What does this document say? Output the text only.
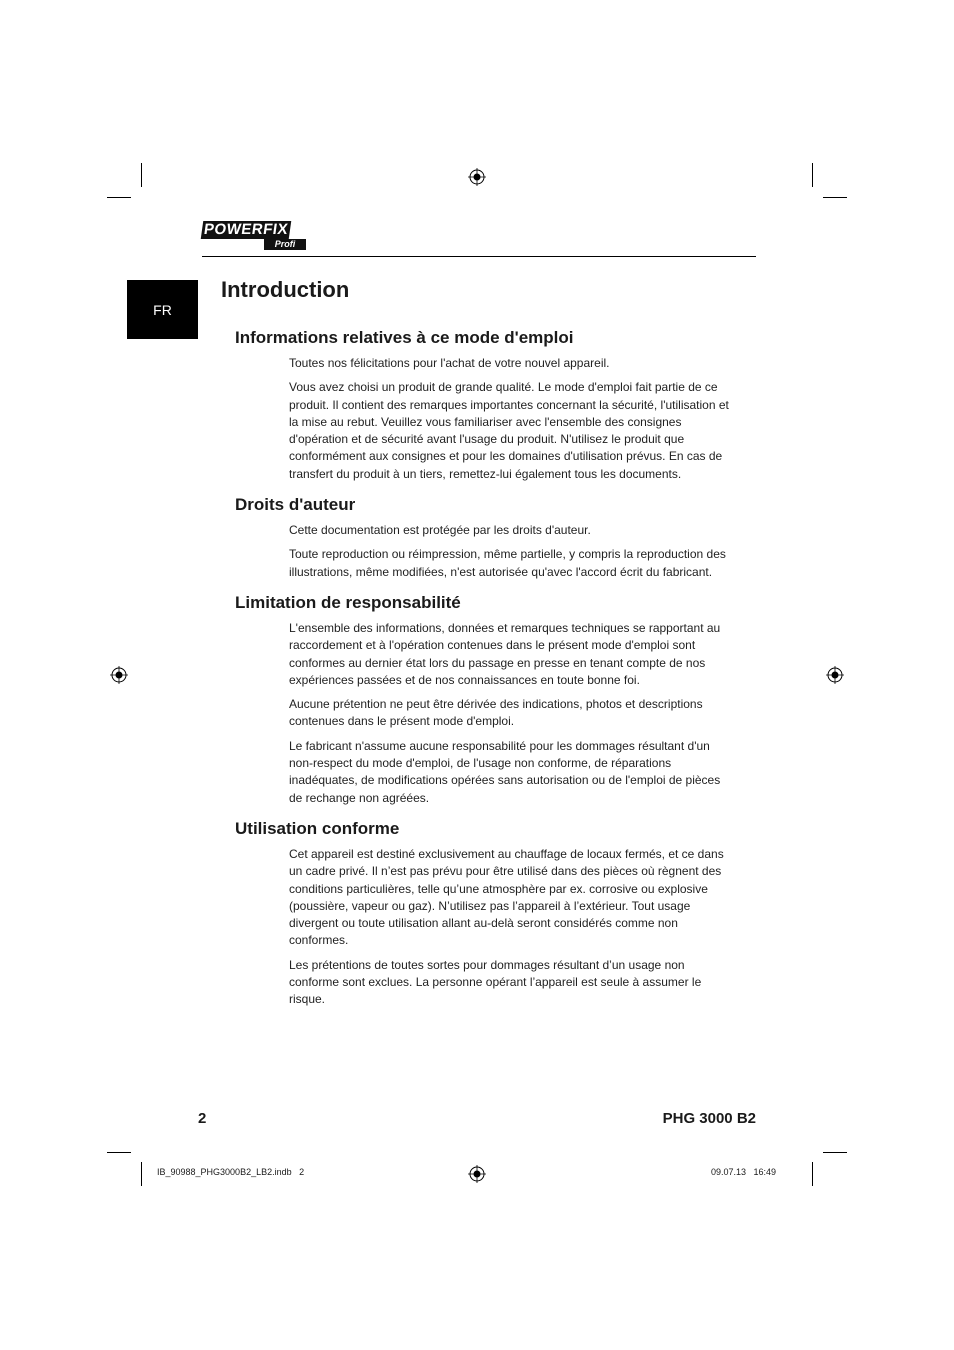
POWERFIX
Profi
FR
Introduction
Informations relatives à ce mode d'emploi

Toutes nos félicitations pour l'achat de votre nouvel appareil.

Vous avez choisi un produit de grande qualité. Le mode d'emploi fait partie de ce produit. Il contient des remarques importantes concernant la sécurité, l'utilisation et la mise au rebut. Veuillez vous familiariser avec l'ensemble des consignes d'opération et de sécurité avant l'usage du produit. N'utilisez le produit que conformément aux consignes et pour les domaines d'utilisation prévus. En cas de transfert du produit à un tiers, remettez-lui également tous les documents.

Droits d'auteur

Cette documentation est protégée par les droits d'auteur.

Toute reproduction ou réimpression, même partielle, y compris la reproduction des illustrations, même modifiées, n'est autorisée qu'avec l'accord écrit du fabricant.

Limitation de responsabilité

L'ensemble des informations, données et remarques techniques se rapportant au raccordement et à l'opération contenues dans le présent mode d'emploi sont conformes au dernier état lors du passage en presse en tenant compte de nos expériences passées et de nos connaissances en toute bonne foi.

Aucune prétention ne peut être dérivée des indications, photos et descriptions contenues dans le présent mode d'emploi.

Le fabricant n'assume aucune responsabilité pour les dommages résultant d'un non-respect du mode d'emploi, de l'usage non conforme, de réparations inadéquates, de modifications opérées sans autorisation ou de l'emploi de pièces de rechange non agréées.

Utilisation conforme

Cet appareil est destiné exclusivement au chauffage de locaux fermés, et ce dans un cadre privé. Il n’est pas prévu pour être utilisé dans des pièces où règnent des conditions particulières, telle qu’une atmosphère par ex. corrosive ou explosive (poussière, vapeur ou gaz). N’utilisez pas l’appareil à l’extérieur. Tout usage divergent ou toute utilisation allant au-delà seront considérés comme non conformes.

Les prétentions de toutes sortes pour dommages résultant d’un usage non conforme sont exclues. La personne opérant l’appareil est seule à assumer le risque.

2	PHG 3000 B2
IB_90988_PHG3000B2_LB2.indb   2	09.07.13   16:49
